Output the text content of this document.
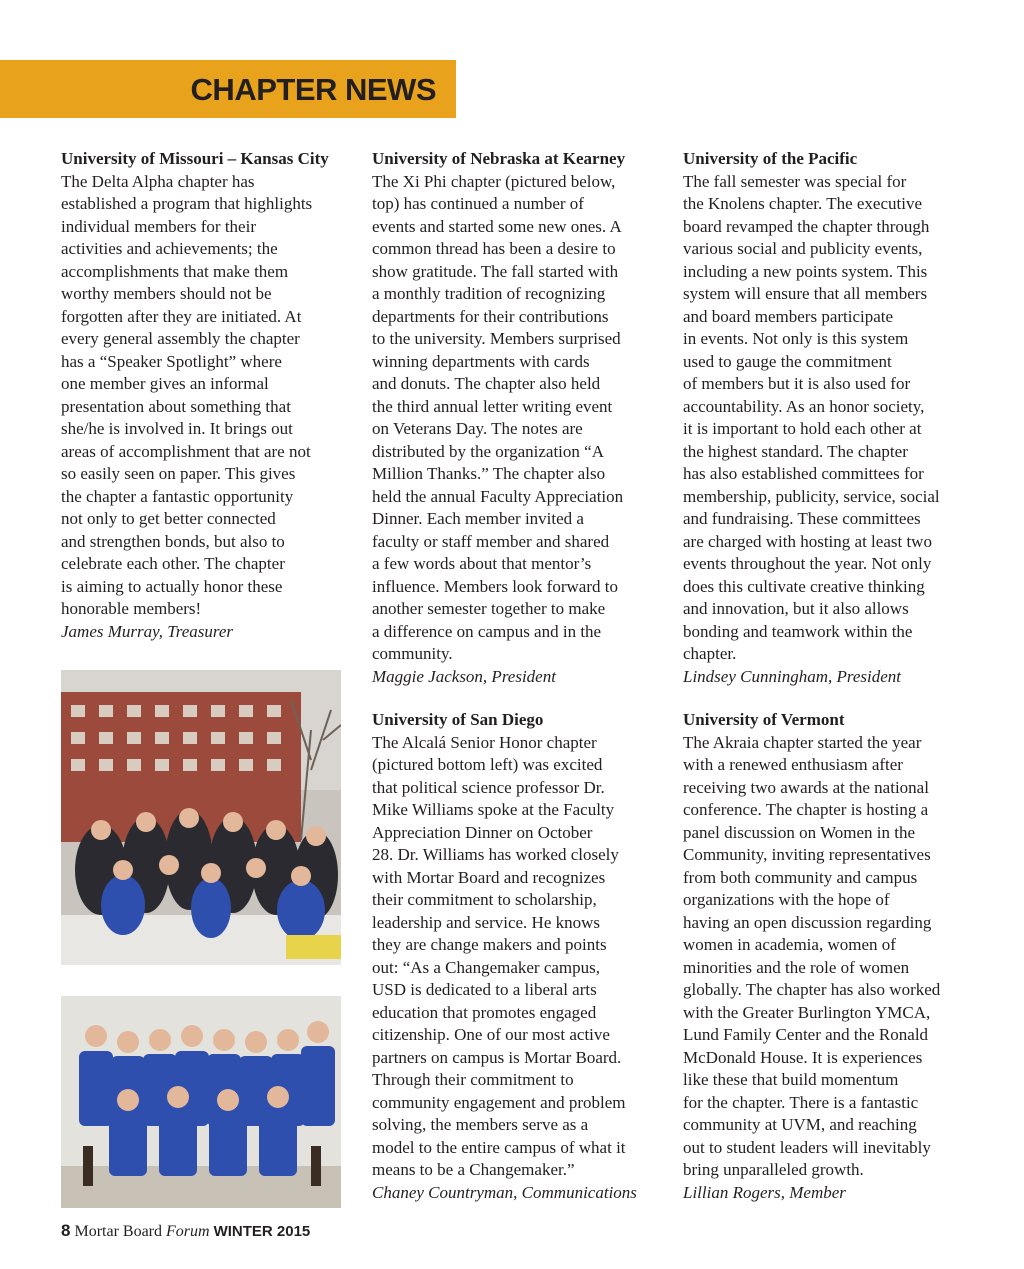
CHAPTER NEWS
University of Missouri – Kansas City
The Delta Alpha chapter has
established a program that highlights
individual members for their
activities and achievements; the
accomplishments that make them
worthy members should not be
forgotten after they are initiated. At
every general assembly the chapter
has a “Speaker Spotlight” where
one member gives an informal
presentation about something that
she/he is involved in. It brings out
areas of accomplishment that are not
so easily seen on paper. This gives
the chapter a fantastic opportunity
not only to get better connected
and strengthen bonds, but also to
celebrate each other. The chapter
is aiming to actually honor these
honorable members!
James Murray, Treasurer
University of Nebraska at Kearney
The Xi Phi chapter (pictured below,
top) has continued a number of
events and started some new ones. A
common thread has been a desire to
show gratitude. The fall started with
a monthly tradition of recognizing
departments for their contributions
to the university. Members surprised
winning departments with cards
and donuts. The chapter also held
the third annual letter writing event
on Veterans Day. The notes are
distributed by the organization “A
Million Thanks.” The chapter also
held the annual Faculty Appreciation
Dinner. Each member invited a
faculty or staff member and shared
a few words about that mentor’s
influence. Members look forward to
another semester together to make
a difference on campus and in the
community.
Maggie Jackson, President
University of the Pacific
The fall semester was special for
the Knolens chapter. The executive
board revamped the chapter through
various social and publicity events,
including a new points system. This
system will ensure that all members
and board members participate
in events. Not only is this system
used to gauge the commitment
of members but it is also used for
accountability. As an honor society,
it is important to hold each other at
the highest standard. The chapter
has also established committees for
membership, publicity, service, social
and fundraising. These committees
are charged with hosting at least two
events throughout the year. Not only
does this cultivate creative thinking
and innovation, but it also allows
bonding and teamwork within the
chapter.
Lindsey Cunningham, President
University of San Diego
The Alcalá Senior Honor chapter
(pictured bottom left) was excited
that political science professor Dr.
Mike Williams spoke at the Faculty
Appreciation Dinner on October
28. Dr. Williams has worked closely
with Mortar Board and recognizes
their commitment to scholarship,
leadership and service. He knows
they are change makers and points
out: “As a Changemaker campus,
USD is dedicated to a liberal arts
education that promotes engaged
citizenship. One of our most active
partners on campus is Mortar Board.
Through their commitment to
community engagement and problem
solving, the members serve as a
model to the entire campus of what it
means to be a Changemaker.”
Chaney Countryman, Communications
University of Vermont
The Akraia chapter started the year
with a renewed enthusiasm after
receiving two awards at the national
conference. The chapter is hosting a
panel discussion on Women in the
Community, inviting representatives
from both community and campus
organizations with the hope of
having an open discussion regarding
women in academia, women of
minorities and the role of women
globally. The chapter has also worked
with the Greater Burlington YMCA,
Lund Family Center and the Ronald
McDonald House. It is experiences
like these that build momentum
for the chapter. There is a fantastic
community at UVM, and reaching
out to student leaders will inevitably
bring unparalleled growth.
Lillian Rogers, Member
8 Mortar Board Forum WINTER 2015
